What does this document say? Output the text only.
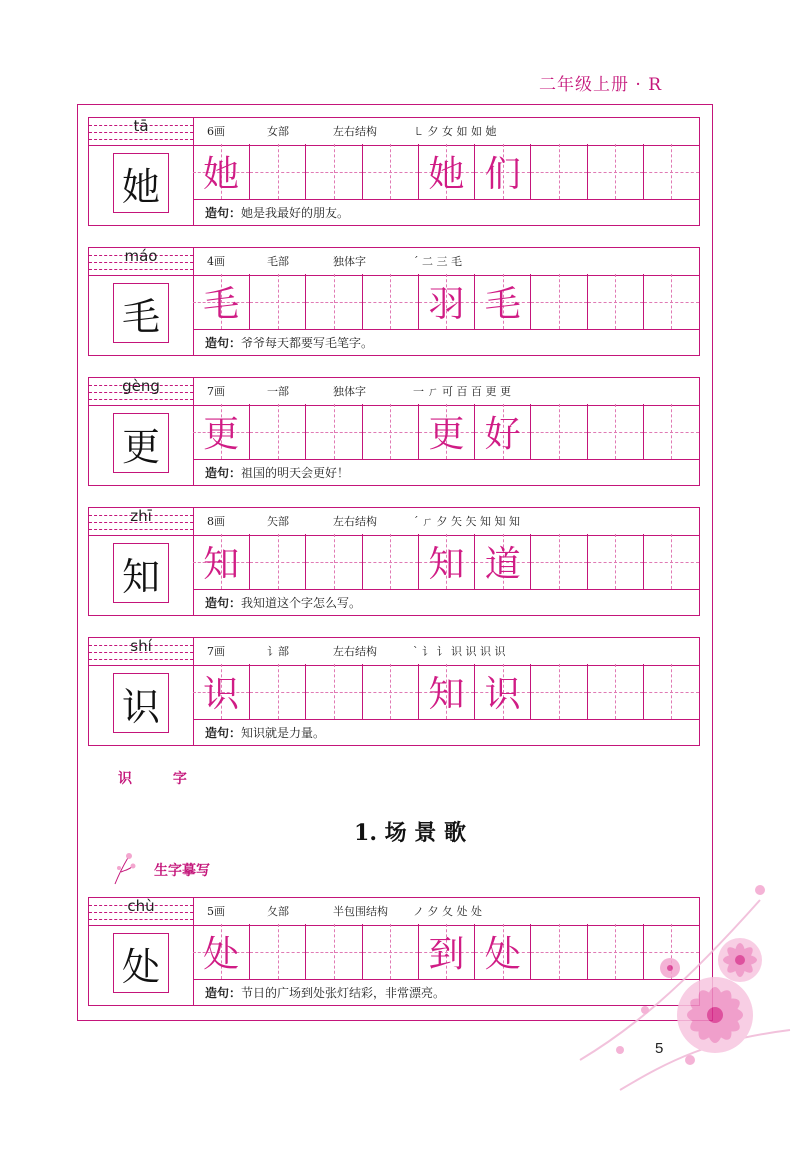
二年级上册 · R
tā	6画	女部	左右结构	㇄ 夕 女 如 如 她
她 她	她 们
造句：她是我最好的朋友。
máo	4画	毛部	独体字	ˊ 二 三 毛
毛 毛	羽 毛
造句：爷爷每天都要写毛笔字。
gèng	7画	一部	独体字	一 ㄏ 可 百 百 更 更
更 更	更 好
造句：祖国的明天会更好！
zhī	8画	矢部	左右结构	ˊ ㄏ 夕 矢 矢 知 知 知
知 知	知 道
造句：我知道这个字怎么写。
shí	7画	讠部	左右结构	ˋ 讠 讠 识 识 识 识
识 识	知 识
造句：知识就是力量。
chù	5画	夂部	半包围结构 ノ 夕 夂 处 处
处 处	到 处
造句：节日的广场到处张灯结彩，非常漂亮。
识 字
1. 场 景 歌
生字摹写
5
